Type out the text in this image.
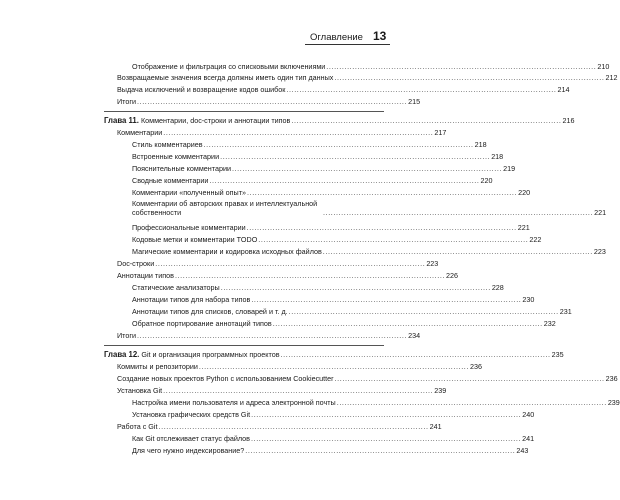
Оглавление 13
Отображение и фильтрация со списковыми включениями ........................................................................................................ 210
Возвращаемые значения всегда должны иметь один тип данных ........................................................................................................ 212
Выдача исключений и возвращение кодов ошибок ........................................................................................................ 214
Итоги ........................................................................................................ 215
Глава 11. Комментарии, doc-строки и аннотации типов ........................................................................................................ 216
Комментарии ........................................................................................................ 217
Стиль комментариев ........................................................................................................ 218
Встроенные комментарии ........................................................................................................ 218
Пояснительные комментарии ........................................................................................................ 219
Сводные комментарии ........................................................................................................ 220
Комментарии «полученный опыт» ........................................................................................................ 220
Комментарии об авторских правах и интеллектуальной собственности	........................................................................................................ 221
Профессиональные комментарии ........................................................................................................ 221
Кодовые метки и комментарии TODO ........................................................................................................ 222
Магические комментарии и кодировка исходных файлов ........................................................................................................ 223
Doc-строки ........................................................................................................ 223
Аннотации типов ........................................................................................................ 226
Статические анализаторы ........................................................................................................ 228
Аннотации типов для набора типов ........................................................................................................ 230
Аннотации типов для списков, словарей и т. д. ........................................................................................................ 231
Обратное портирование аннотаций типов ........................................................................................................ 232
Итоги ........................................................................................................ 234
Глава 12. Git и организация программных проектов ........................................................................................................ 235
Коммиты и репозитории ........................................................................................................ 236
Создание новых проектов Python с использованием Cookiecutter ........................................................................................................ 236
Установка Git ........................................................................................................ 239
Настройка имени пользователя и адреса электронной почты ........................................................................................................ 239
Установка графических средств Git ........................................................................................................ 240
Работа с Git ........................................................................................................ 241
Как Git отслеживает статус файлов ........................................................................................................ 241
Для чего нужно индексирование? ........................................................................................................ 243
